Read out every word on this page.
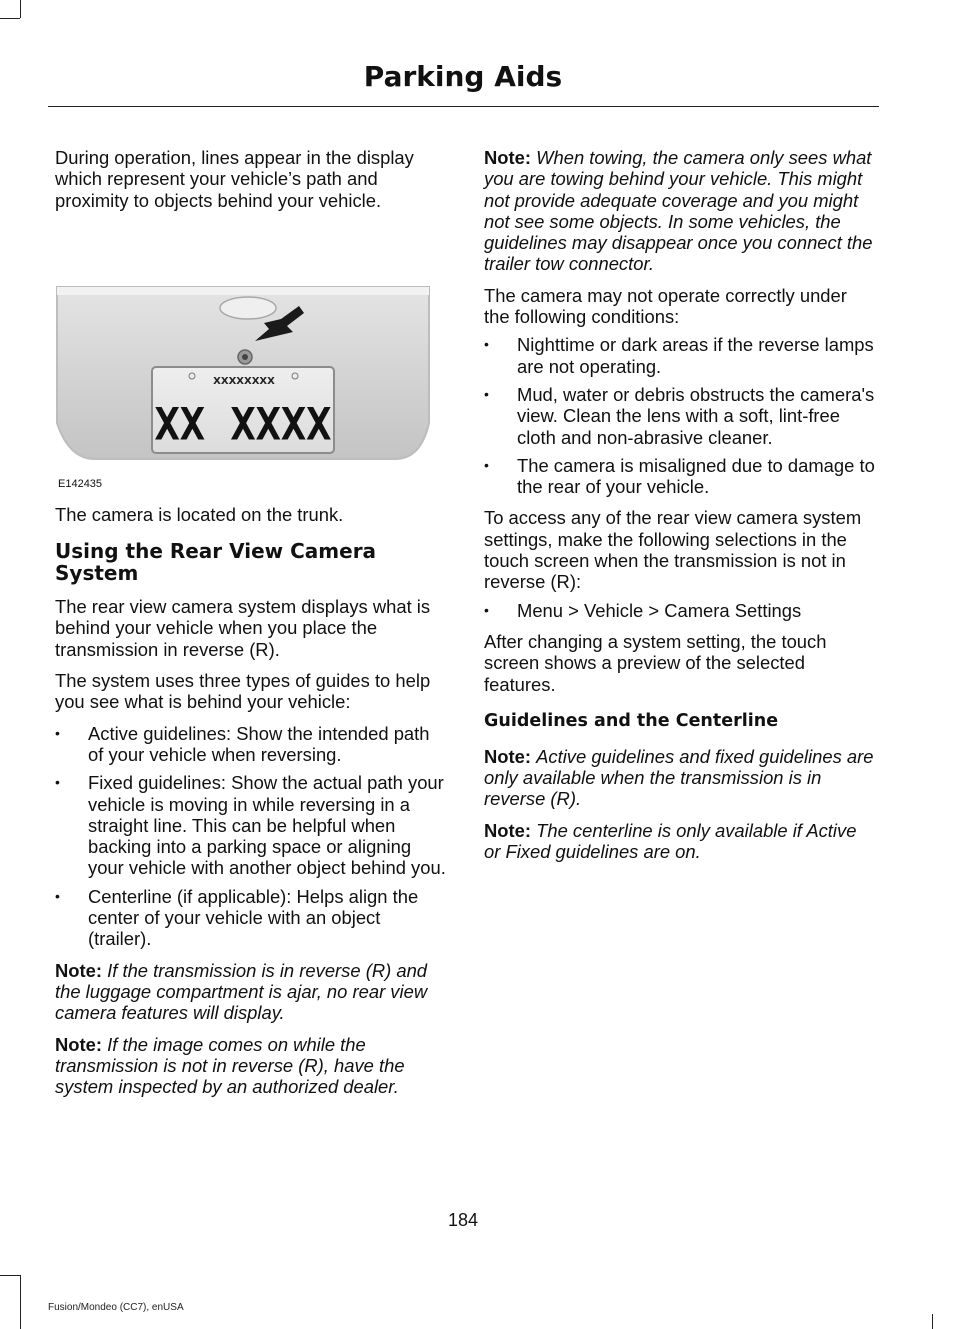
Parking Aids

During operation, lines appear in the display which represent your vehicle’s path and proximity to objects behind your vehicle.

XXXXXXXX
XX XXXX
E142435

The camera is located on the trunk.

Using the Rear View Camera System

The rear view camera system displays what is behind your vehicle when you place the transmission in reverse (R).

The system uses three types of guides to help you see what is behind your vehicle:

• Active guidelines: Show the intended path of your vehicle when reversing.
• Fixed guidelines: Show the actual path your vehicle is moving in while reversing in a straight line. This can be helpful when backing into a parking space or aligning your vehicle with another object behind you.
• Centerline (if applicable): Helps align the center of your vehicle with an object (trailer).

Note: If the transmission is in reverse (R) and the luggage compartment is ajar, no rear view camera features will display.

Note: If the image comes on while the transmission is not in reverse (R), have the system inspected by an authorized dealer.

Note: When towing, the camera only sees what you are towing behind your vehicle. This might not provide adequate coverage and you might not see some objects. In some vehicles, the guidelines may disappear once you connect the trailer tow connector.

The camera may not operate correctly under the following conditions:

• Nighttime or dark areas if the reverse lamps are not operating.
• Mud, water or debris obstructs the camera's view. Clean the lens with a soft, lint-free cloth and non-abrasive cleaner.
• The camera is misaligned due to damage to the rear of your vehicle.

To access any of the rear view camera system settings, make the following selections in the touch screen when the transmission is not in reverse (R):

• Menu > Vehicle > Camera Settings

After changing a system setting, the touch screen shows a preview of the selected features.

Guidelines and the Centerline

Note: Active guidelines and fixed guidelines are only available when the transmission is in reverse (R).

Note: The centerline is only available if Active or Fixed guidelines are on.

184
Fusion/Mondeo (CC7), enUSA
